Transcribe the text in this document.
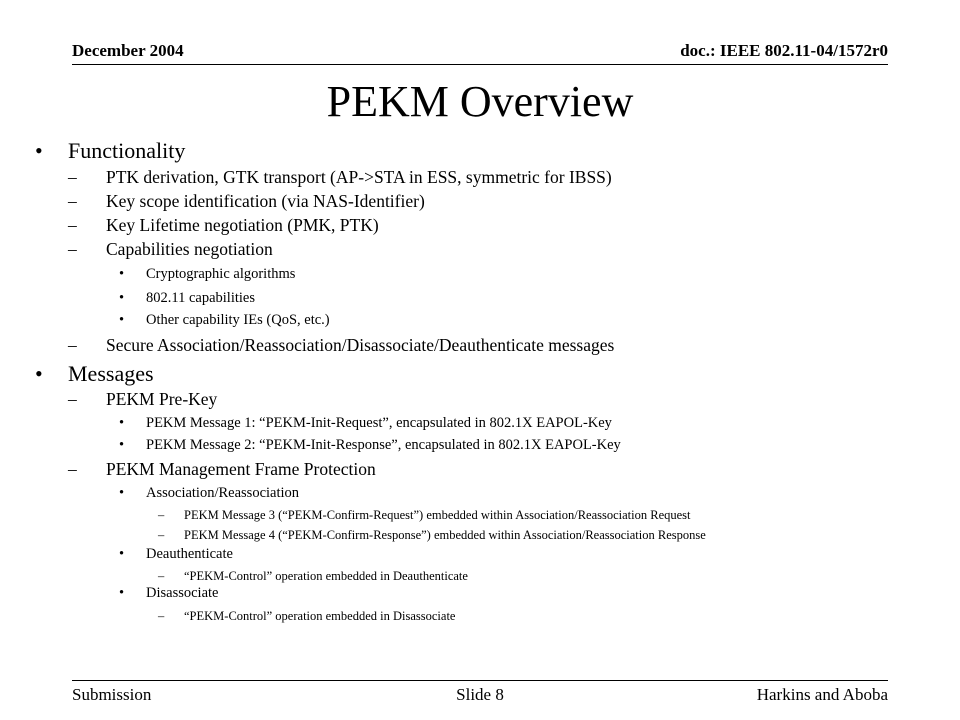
December 2004	doc.: IEEE 802.11-04/1572r0
PEKM Overview
• Functionality
– PTK derivation, GTK transport (AP->STA in ESS, symmetric for IBSS)
– Key scope identification (via NAS-Identifier)
– Key Lifetime negotiation (PMK, PTK)
– Capabilities negotiation
• Cryptographic algorithms
• 802.11 capabilities
• Other capability IEs (QoS, etc.)
– Secure Association/Reassociation/Disassociate/Deauthenticate messages
• Messages
– PEKM Pre-Key
• PEKM Message 1: “PEKM-Init-Request”, encapsulated in 802.1X EAPOL-Key
• PEKM Message 2: “PEKM-Init-Response”, encapsulated in 802.1X EAPOL-Key
– PEKM Management Frame Protection
• Association/Reassociation
– PEKM Message 3 (“PEKM-Confirm-Request”) embedded within Association/Reassociation Request
– PEKM Message 4 (“PEKM-Confirm-Response”) embedded within Association/Reassociation Response
• Deauthenticate
– “PEKM-Control” operation embedded in Deauthenticate
• Disassociate
– “PEKM-Control” operation embedded in Disassociate
Submission	Slide 8	Harkins and Aboba
